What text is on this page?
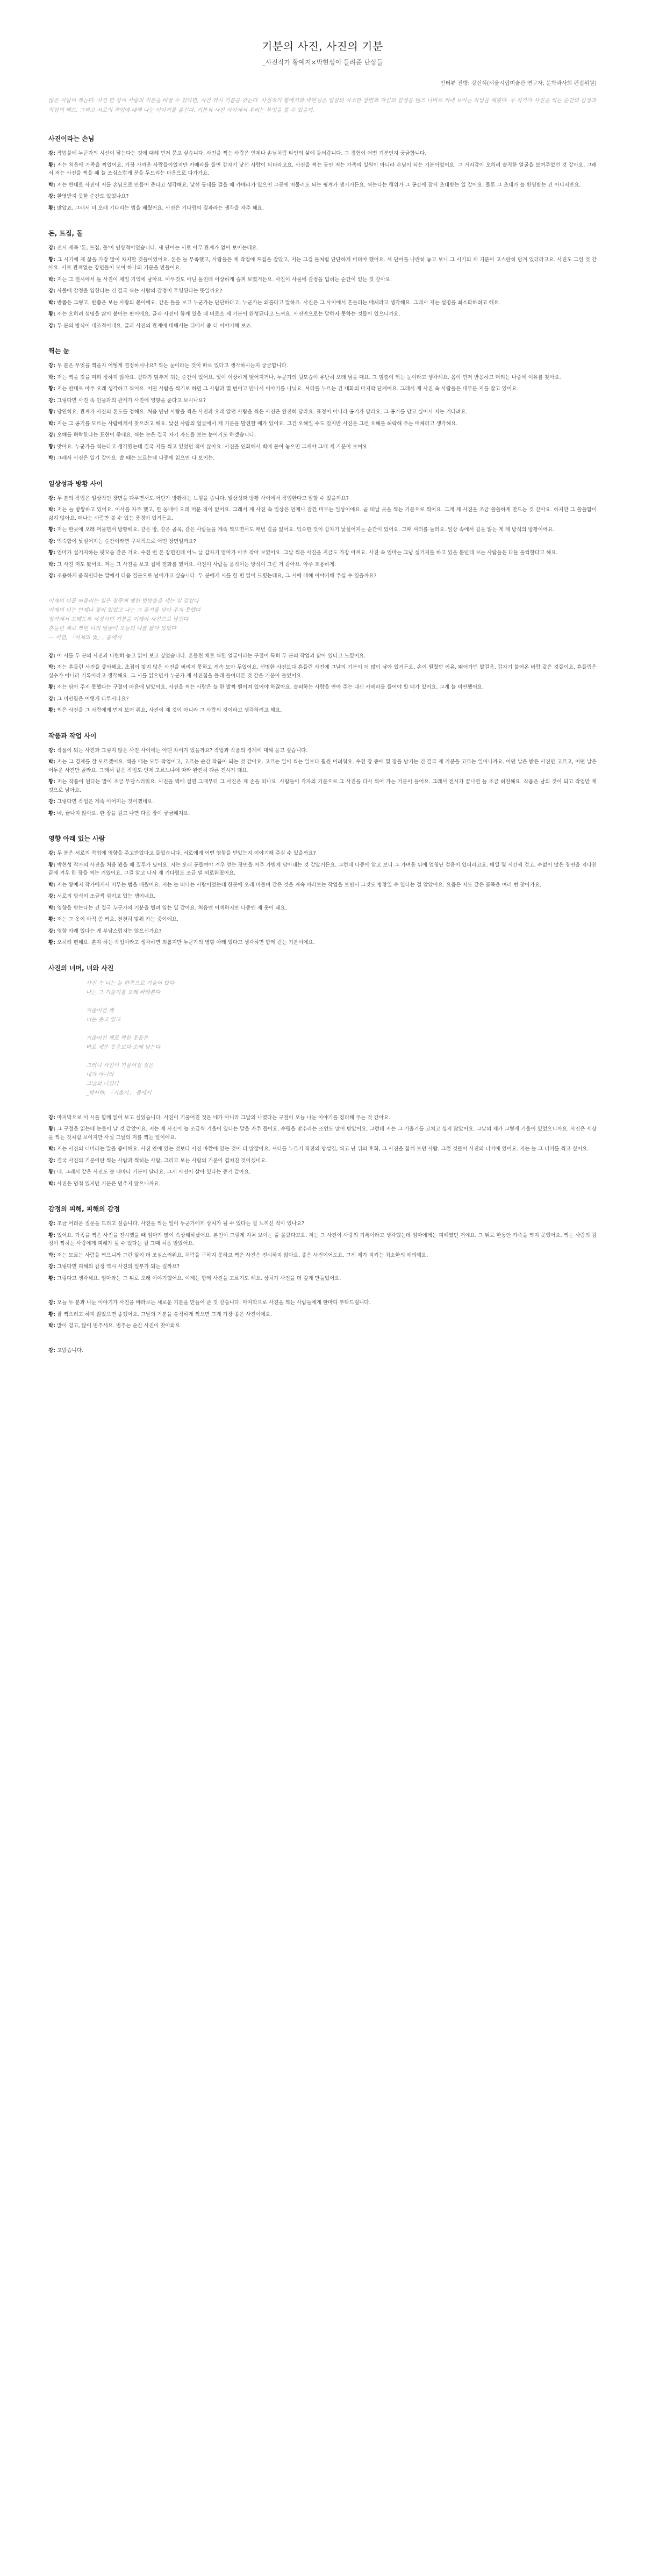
기분의 사진, 사진의 기분
_사진작가 황예지×박현성이 들려준 단상들
인터뷰 진행: 강신석(서울시립미술관 연구자, 문학과사회 편집위원)

많은 사람이 찍는다. 사진 한 장이 사람의 기분을 바꿀 수 있다면, 사진 역시 기분을 갖는다. 사진작가 황예지와 박현성은 일상의 사소한 장면과 자신의 감정을 렌즈 너머로 꺼내 보이는 작업을 해왔다. 두 작가가 사진을 찍는 순간의 감정과 작업의 태도, 그리고 서로의 작업에 대해 나눈 이야기를 옮긴다. 기분과 사진 사이에서 우리는 무엇을 볼 수 있을까.

사진이라는 손님

강: 작업물에 누군가의 시선이 닿는다는 것에 대해 먼저 묻고 싶습니다. 사진을 찍는 사람은 언제나 손님처럼 타인의 삶에 들어갑니다. 그 경험이 어떤 기분인지 궁금합니다.

황: 저는 처음에 가족을 찍었어요. 가장 가까운 사람들이었지만 카메라를 들면 갑자기 낯선 사람이 되더라고요. 사진을 찍는 동안 저는 가족의 일원이 아니라 손님이 되는 기분이었어요. 그 거리감이 오히려 솔직한 얼굴을 보여주었던 것 같아요. 그래서 저는 사진을 찍을 때 늘 조심스럽게 문을 두드리는 마음으로 다가가요.

박: 저는 반대로 사진이 저를 손님으로 만들어 준다고 생각해요. 낯선 동네를 걸을 때 카메라가 있으면 그곳에 머물러도 되는 핑계가 생기거든요. 찍는다는 행위가 그 공간에 잠시 초대받는 일 같아요. 물론 그 초대가 늘 환영받는 건 아니지만요.

강: 환영받지 못한 순간도 있었나요?

황: 많았죠. 그래서 더 오래 기다리는 법을 배웠어요. 사진은 기다림의 결과라는 생각을 자주 해요.

돈, 트집, 돌

강: 전시 제목 '돈, 트집, 돌'이 인상적이었습니다. 세 단어는 서로 아무 관계가 없어 보이는데요.

황: 그 시기에 제 삶을 가장 많이 차지한 것들이었어요. 돈은 늘 부족했고, 사람들은 제 작업에 트집을 잡았고, 저는 그걸 돌처럼 단단하게 버텨야 했어요. 세 단어를 나란히 놓고 보니 그 시기의 제 기분이 고스란히 담겨 있더라고요. 사진도 그런 것 같아요. 서로 관계없는 장면들이 모여 하나의 기분을 만들어요.

박: 저는 그 전시에서 돌 사진이 제일 기억에 남아요. 아무것도 아닌 돌인데 이상하게 슬퍼 보였거든요. 사진이 사물에 감정을 입히는 순간이 있는 것 같아요.

강: 사물에 감정을 입힌다는 건 결국 찍는 사람의 감정이 투영된다는 뜻일까요?

박: 반쯤은 그렇고, 반쯤은 보는 사람의 몫이에요. 같은 돌을 보고 누군가는 단단하다고, 누군가는 외롭다고 말하죠. 사진은 그 사이에서 흔들리는 매체라고 생각해요. 그래서 저는 설명을 최소화하려고 해요.

황: 저는 오히려 설명을 많이 붙이는 편이에요. 글과 사진이 함께 있을 때 비로소 제 기분이 완성된다고 느껴요. 사진만으로는 말하지 못하는 것들이 있으니까요.

강: 두 분의 방식이 대조적이네요. 글과 사진의 관계에 대해서는 뒤에서 좀 더 이야기해 보죠.

찍는 눈

강: 두 분은 무엇을 찍을지 어떻게 결정하시나요? 찍는 눈이라는 것이 따로 있다고 생각하시는지 궁금합니다.

박: 저는 찍을 것을 미리 정하지 않아요. 걷다가 멈추게 되는 순간이 있어요. 빛이 이상하게 떨어지거나, 누군가의 뒷모습이 유난히 오래 남을 때요. 그 멈춤이 찍는 눈이라고 생각해요. 몸이 먼저 반응하고 머리는 나중에 이유를 찾아요.

황: 저는 반대로 아주 오래 생각하고 찍어요. 어떤 사람을 찍기로 하면 그 사람과 몇 번이고 만나서 이야기를 나눠요. 셔터를 누르는 건 대화의 마지막 단계예요. 그래서 제 사진 속 사람들은 대부분 저를 알고 있어요.

강: 그렇다면 사진 속 인물과의 관계가 사진에 영향을 준다고 보시나요?

황: 당연히요. 관계가 사진의 온도를 정해요. 처음 만난 사람을 찍은 사진과 오래 알던 사람을 찍은 사진은 완전히 달라요. 표정이 아니라 공기가 달라요. 그 공기를 담고 싶어서 저는 기다려요.

박: 저는 그 공기를 모르는 사람에게서 찾으려고 해요. 낯선 사람의 얼굴에서 제 기분을 발견할 때가 있어요. 그건 오해일 수도 있지만 사진은 그런 오해를 허락해 주는 매체라고 생각해요.

강: 오해를 허락한다는 표현이 좋네요. 찍는 눈은 결국 자기 자신을 보는 눈이기도 하겠습니다.

황: 맞아요. 누군가를 찍는다고 생각했는데 결국 저를 찍고 있었던 적이 많아요. 사진을 인화해서 벽에 붙여 놓으면 그제야 그때 제 기분이 보여요.

박: 그래서 사진은 일기 같아요. 쓸 때는 모르는데 나중에 읽으면 다 보이는.

일상성과 방황 사이

강: 두 분의 작업은 일상적인 장면을 다루면서도 어딘가 방황하는 느낌을 줍니다. 일상성과 방황 사이에서 작업한다고 말할 수 있을까요?

박: 저는 늘 방황하고 있어요. 이사를 자주 했고, 한 동네에 오래 머문 적이 없어요. 그래서 제 사진 속 일상은 언제나 잠깐 머무는 일상이에요. 곧 떠날 곳을 찍는 기분으로 찍어요. 그게 제 사진을 조금 쓸쓸하게 만드는 것 같아요. 하지만 그 쓸쓸함이 싫지 않아요. 떠나는 사람만 볼 수 있는 풍경이 있거든요.

황: 저는 한곳에 오래 머물면서 방황해요. 같은 방, 같은 골목, 같은 사람들을 계속 찍으면서도 매번 길을 잃어요. 익숙한 것이 갑자기 낯설어지는 순간이 있어요. 그때 셔터를 눌러요. 일상 속에서 길을 잃는 게 제 방식의 방황이에요.

강: 익숙함이 낯설어지는 순간이라면 구체적으로 어떤 장면일까요?

황: 엄마가 설거지하는 뒷모습 같은 거요. 수천 번 본 장면인데 어느 날 갑자기 엄마가 아주 작아 보였어요. 그날 찍은 사진을 지금도 가장 아껴요. 사진 속 엄마는 그냥 설거지를 하고 있을 뿐인데 보는 사람들은 다들 울컥한다고 해요.

박: 그 사진 저도 봤어요. 저는 그 사진을 보고 집에 전화를 했어요. 사진이 사람을 움직이는 방식이 그런 거 같아요. 아주 조용하게.

강: 조용하게 움직인다는 말에서 다음 질문으로 넘어가고 싶습니다. 두 분에게 시를 한 편 읽어 드렸는데요, 그 시에 대해 이야기해 주실 수 있을까요?

어제의 너를 떠올리는 일은 창문에 맺힌 빗방울을 세는 일 같았다
어제의 너는 언제나 젖어 있었고 나는 그 물기를 닦아 주지 못했다
창가에서 오래도록 서성이던 기분을 이제야 사진으로 남긴다
흔들린 채로 찍힌 너의 얼굴이 오늘의 나를 닮아 있었다
— 서연, 「어제의 빛」, 중에서

강: 이 시를 두 분의 사진과 나란히 놓고 읽어 보고 싶었습니다. 흔들린 채로 찍힌 얼굴이라는 구절이 특히 두 분의 작업과 닮아 있다고 느꼈어요.

박: 저는 흔들린 사진을 좋아해요. 초점이 맞지 않은 사진을 버리지 못하고 계속 모아 두었어요. 선명한 사진보다 흔들린 사진에 그날의 기분이 더 많이 남아 있거든요. 손이 떨렸던 이유, 뛰어가던 발걸음, 갑자기 불어온 바람 같은 것들이요. 흔들림은 실수가 아니라 기록이라고 생각해요. 그 시를 읽으면서 누군가 제 사진첩을 몰래 들여다본 것 같은 기분이 들었어요.

황: 저는 닦아 주지 못했다는 구절이 마음에 남았어요. 사진을 찍는 사람은 늘 한 발짝 떨어져 있어야 하잖아요. 슬퍼하는 사람을 안아 주는 대신 카메라를 들어야 할 때가 있어요. 그게 늘 미안했어요.

강: 그 미안함은 어떻게 다루시나요?

황: 찍은 사진을 그 사람에게 먼저 보여 줘요. 사진이 제 것이 아니라 그 사람의 것이라고 생각하려고 해요.

작품과 작업 사이

강: 작품이 되는 사진과 그렇지 않은 사진 사이에는 어떤 차이가 있을까요? 작업과 작품의 경계에 대해 묻고 싶습니다.

박: 저는 그 경계를 잘 모르겠어요. 찍을 때는 모두 작업이고, 고르는 순간 작품이 되는 것 같아요. 고르는 일이 찍는 일보다 훨씬 어려워요. 수천 장 중에 몇 장을 남기는 건 결국 제 기분을 고르는 일이니까요. 어떤 날은 밝은 사진만 고르고, 어떤 날은 어두운 사진만 골라요. 그래서 같은 작업도 언제 고르느냐에 따라 완전히 다른 전시가 돼요.

황: 저는 작품이 된다는 말이 조금 부담스러워요. 사진을 벽에 걸면 그때부터 그 사진은 제 손을 떠나요. 사람들이 각자의 기분으로 그 사진을 다시 찍어 가는 기분이 들어요. 그래서 전시가 끝나면 늘 조금 허전해요. 작품은 남의 것이 되고 작업만 제 것으로 남아요.

강: 그렇다면 작업은 계속 이어지는 것이겠네요.

황: 네, 끝나지 않아요. 한 장을 걸고 나면 다음 장이 궁금해져요.

영향 아래 있는 사람

강: 두 분은 서로의 작업에 영향을 주고받았다고 들었습니다. 서로에게 어떤 영향을 받았는지 이야기해 주실 수 있을까요?

황: 박현성 작가의 사진을 처음 봤을 때 질투가 났어요. 저는 오래 공들여야 겨우 얻는 장면을 아주 가볍게 담아내는 것 같았거든요. 그런데 나중에 알고 보니 그 가벼움 뒤에 엄청난 걸음이 있더라고요. 매일 몇 시간씩 걷고, 수없이 많은 장면을 지나친 끝에 겨우 한 장을 찍는 거였어요. 그걸 알고 나서 제 기다림도 조금 덜 외로워졌어요.

박: 저는 황예지 작가에게서 머무는 법을 배웠어요. 저는 늘 떠나는 사람이었는데 한곳에 오래 머물며 같은 것을 계속 바라보는 작업을 보면서 그것도 방황일 수 있다는 걸 알았어요. 요즘은 저도 같은 골목을 여러 번 찾아가요.

강: 서로의 방식이 조금씩 섞이고 있는 셈이네요.

박: 영향을 받는다는 건 결국 누군가의 기분을 빌려 입는 일 같아요. 처음엔 어색하지만 나중엔 제 옷이 돼요.

황: 저는 그 옷이 아직 좀 커요. 천천히 맞춰 가는 중이에요.

강: 영향 아래 있다는 게 부담스럽지는 않으신가요?

황: 오히려 편해요. 혼자 하는 작업이라고 생각하면 외롭지만 누군가의 영향 아래 있다고 생각하면 함께 걷는 기분이에요.

사진의 너머, 너와 사진
사진 속 너는 늘 한쪽으로 기울어 있다
나는 그 기울기를 오래 바라본다

기울어진 채
너는 웃고 있고

기울어진 채로 찍힌 웃음은
바로 세운 웃음보다 오래 남는다

그러니 사진이 기울어진 것은
네가 아니라
그날의 나였다
_박서하, 「기울기」 중에서

강: 마지막으로 이 시를 함께 읽어 보고 싶었습니다. 사진이 기울어진 것은 네가 아니라 그날의 나였다는 구절이 오늘 나눈 이야기를 정리해 주는 것 같아요.

황: 그 구절을 읽는데 눈물이 날 것 같았어요. 저는 제 사진이 늘 조금씩 기울어 있다는 말을 자주 들어요. 수평을 맞추라는 조언도 많이 받았어요. 그런데 저는 그 기울기를 고치고 싶지 않았어요. 그날의 제가 그렇게 기울어 있었으니까요. 사진은 세상을 찍는 것처럼 보이지만 사실 그날의 저를 찍는 일이에요.

박: 저는 사진의 너머라는 말을 좋아해요. 사진 안에 있는 것보다 사진 바깥에 있는 것이 더 많잖아요. 셔터를 누르기 직전의 망설임, 찍고 난 뒤의 후회, 그 사진을 함께 보던 사람. 그런 것들이 사진의 너머에 있어요. 저는 늘 그 너머를 찍고 싶어요.

강: 결국 사진의 기분이란 찍는 사람과 찍히는 사람, 그리고 보는 사람의 기분이 겹쳐진 것이겠네요.

황: 네. 그래서 같은 사진도 볼 때마다 기분이 달라요. 그게 사진이 살아 있다는 증거 같아요.

박: 사진은 멈춰 있지만 기분은 멈추지 않으니까요.

감정의 피해, 피해의 감정

강: 조금 어려운 질문을 드리고 싶습니다. 사진을 찍는 일이 누군가에게 상처가 될 수 있다는 걸 느끼신 적이 있나요?

황: 있어요. 가족을 찍은 사진을 전시했을 때 엄마가 많이 속상해하셨어요. 본인이 그렇게 지쳐 보이는 줄 몰랐다고요. 저는 그 사진이 사랑의 기록이라고 생각했는데 엄마에게는 피해였던 거예요. 그 뒤로 한동안 가족을 찍지 못했어요. 찍는 사람의 감정이 찍히는 사람에게 피해가 될 수 있다는 걸 그때 처음 알았어요.

박: 저는 모르는 사람을 찍으니까 그런 일이 더 조심스러워요. 허락을 구하지 못하고 찍은 사진은 전시하지 않아요. 좋은 사진이어도요. 그게 제가 지키는 최소한의 예의예요.

강: 그렇다면 피해의 감정 역시 사진의 일부가 되는 걸까요?

황: 그렇다고 생각해요. 엄마와는 그 뒤로 오래 이야기했어요. 이제는 함께 사진을 고르기도 해요. 상처가 사진을 더 깊게 만들었어요.

강: 오늘 두 분과 나눈 이야기가 사진을 바라보는 새로운 기분을 만들어 준 것 같습니다. 마지막으로 사진을 찍는 사람들에게 한마디 부탁드립니다.

황: 잘 찍으려고 하지 않았으면 좋겠어요. 그날의 기분을 솔직하게 찍으면 그게 가장 좋은 사진이에요.

박: 많이 걷고, 많이 멈추세요. 멈추는 순간 사진이 찾아와요.

강: 고맙습니다.
